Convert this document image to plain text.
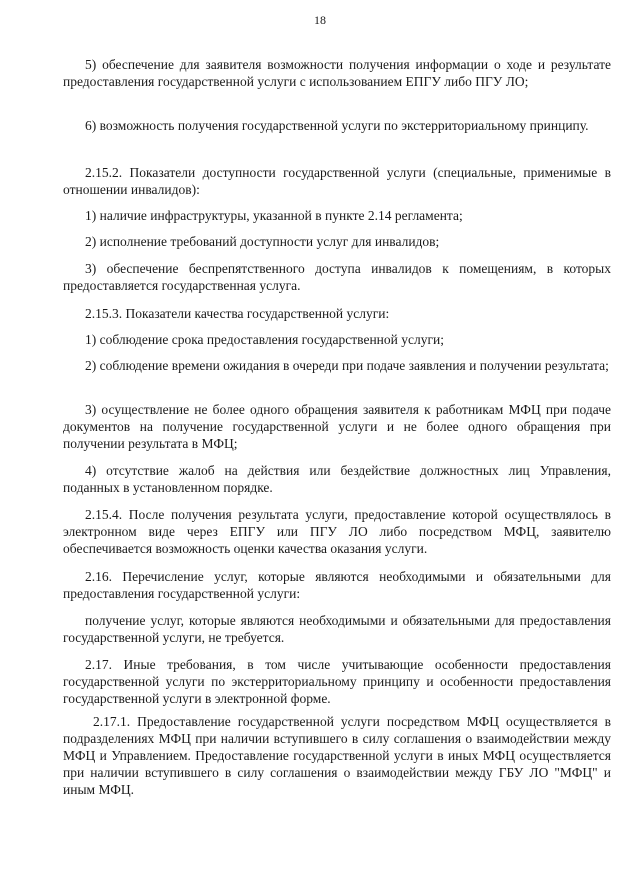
18
5) обеспечение для заявителя возможности получения информации о ходе и результате предоставления государственной услуги с использованием ЕПГУ либо ПГУ ЛО;
6) возможность получения государственной услуги по экстерриториальному принципу.
2.15.2. Показатели доступности государственной услуги (специальные, применимые в отношении инвалидов):
1) наличие инфраструктуры, указанной в пункте 2.14 регламента;
2) исполнение требований доступности услуг для инвалидов;
3) обеспечение беспрепятственного доступа инвалидов к помещениям, в которых предоставляется государственная услуга.
2.15.3. Показатели качества государственной услуги:
1) соблюдение срока предоставления государственной услуги;
2) соблюдение времени ожидания в очереди при подаче заявления и получении результата;
3) осуществление не более одного обращения заявителя к работникам МФЦ при подаче документов на получение государственной услуги и не более одного обращения при получении результата в МФЦ;
4) отсутствие жалоб на действия или бездействие должностных лиц Управления, поданных в установленном порядке.
2.15.4. После получения результата услуги, предоставление которой осуществлялось в электронном виде через ЕПГУ или ПГУ ЛО либо посредством МФЦ, заявителю обеспечивается возможность оценки качества оказания услуги.
2.16. Перечисление услуг, которые являются необходимыми и обязательными для предоставления государственной услуги:
получение услуг, которые являются необходимыми и обязательными для предоставления государственной услуги, не требуется.
2.17. Иные требования, в том числе учитывающие особенности предоставления государственной услуги по экстерриториальному принципу и особенности предоставления государственной услуги в электронной форме.
2.17.1. Предоставление государственной услуги посредством МФЦ осуществляется в подразделениях МФЦ при наличии вступившего в силу соглашения о взаимодействии между МФЦ и Управлением. Предоставление государственной услуги в иных МФЦ осуществляется при наличии вступившего в силу соглашения о взаимодействии между ГБУ ЛО "МФЦ" и иным МФЦ.
